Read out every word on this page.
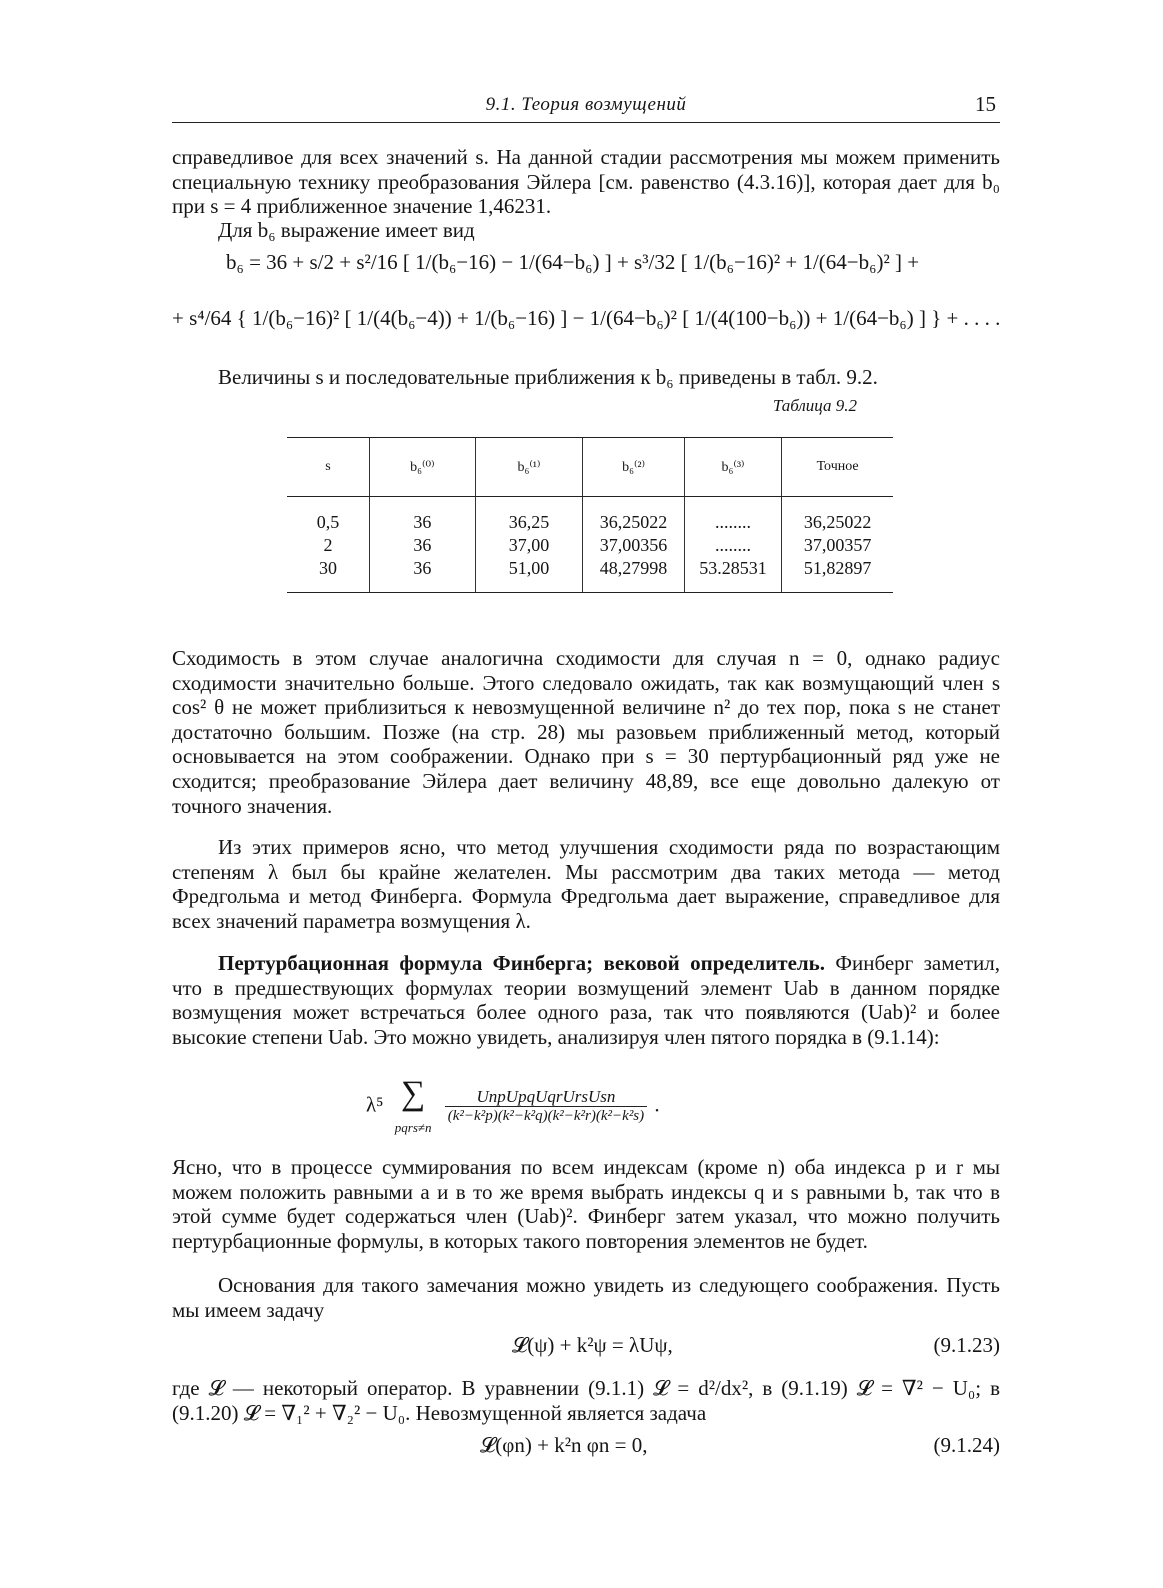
9.1. Теория возмущений	15

справедливое для всех значений s. На данной стадии рассмотрения мы можем применить специальную технику преобразования Эйлера [см. равенство (4.3.16)], которая дает для b₀ при s = 4 приближенное значение 1,46231.

Для b₆ выражение имеет вид

b₆ = 36 + s/2 + s²/16 [ 1/(b₆−16) − 1/(64−b₆) ] + s³/32 [ 1/(b₆−16)² + 1/(64−b₆)² ] +
+ s⁴/64 { 1/(b₆−16)² [ 1/(4(b₆−4)) + 1/(b₆−16) ] − 1/(64−b₆)² [ 1/(4(100−b₆)) + 1/(64−b₆) ] } + . . . .

Величины s и последовательные приближения к b₆ приведены в табл. 9.2.

Таблица 9.2
s	b₆⁽⁰⁾	b₆⁽¹⁾	b₆⁽²⁾	b₆⁽³⁾	Точное

0,5	36	36,25	36,25022	........	36,25022
2	36	37,00	37,00356	........	37,00357
30	36	51,00	48,27998	53.28531	51,82897

Сходимость в этом случае аналогична сходимости для случая n = 0, однако радиус сходимости значительно больше. Этого следовало ожидать, так как возмущающий член s cos² θ не может приблизиться к невозмущенной величине n² до тех пор, пока s не станет достаточно большим. Позже (на стр. 28) мы разовьем приближенный метод, который основывается на этом соображении. Однако при s = 30 пертурбационный ряд уже не сходится; преобразование Эйлера дает величину 48,89, все еще довольно далекую от точного значения.

Из этих примеров ясно, что метод улучшения сходимости ряда по возрастающим степеням λ был бы крайне желателен. Мы рассмотрим два таких метода — метод Фредгольма и метод Финберга. Формула Фредгольма дает выражение, справедливое для всех значений параметра возмущения λ.

Пертурбационная формула Финберга; вековой определитель. Финберг заметил, что в предшествующих формулах теории возмущений элемент Uab в данном порядке возмущения может встречаться более одного раза, так что появляются (Uab)² и более высокие степени Uab. Это можно увидеть, анализируя член пятого порядка в (9.1.14):

λ⁵ ∑
pqrs≠n
$\frac{\text{UnpUpqUqrUrsUsn}}{\text{(k²−k²p)(k²−k²q)(k²−k²r)(k²−k²s)}}$ .

Ясно, что в процессе суммирования по всем индексам (кроме n) оба индекса p и r мы можем положить равными a и в то же время выбрать индексы q и s равными b, так что в этой сумме будет содержаться член (Uab)². Финберг затем указал, что можно получить пертурбационные формулы, в которых такого повторения элементов не будет.

Основания для такого замечания можно увидеть из следующего соображения. Пусть мы имеем задачу

𝓛(ψ) + k²ψ = λUψ,	(9.1.23)

где 𝓛 — некоторый оператор. В уравнении (9.1.1) 𝓛 = d²/dx², в (9.1.19) 𝓛 = ∇² − U₀; в (9.1.20) 𝓛 = ∇₁² + ∇₂² − U₀. Невозмущенной является задача

𝓛(φn) + k²n φn = 0,	(9.1.24)
